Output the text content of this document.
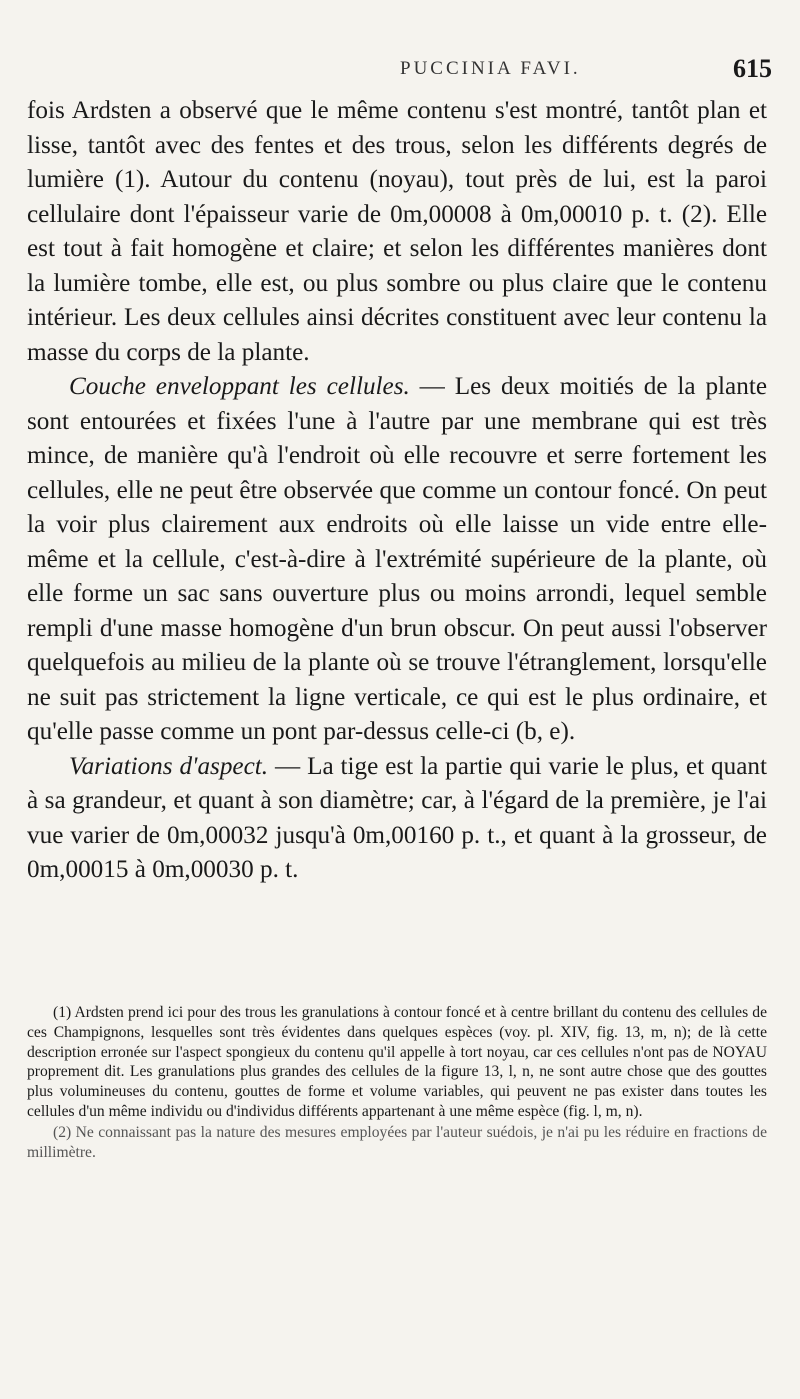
PUCCINIA FAVI.	615

fois Ardsten a observé que le même contenu s'est montré, tantôt plan et lisse, tantôt avec des fentes et des trous, selon les différents degrés de lumière (1). Autour du contenu (noyau), tout près de lui, est la paroi cellulaire dont l'épaisseur varie de 0m,00008 à 0m,00010 p. t. (2). Elle est tout à fait homogène et claire; et selon les différentes manières dont la lumière tombe, elle est, ou plus sombre ou plus claire que le contenu intérieur. Les deux cellules ainsi décrites constituent avec leur contenu la masse du corps de la plante.

Couche enveloppant les cellules. — Les deux moitiés de la plante sont entourées et fixées l'une à l'autre par une membrane qui est très mince, de manière qu'à l'endroit où elle recouvre et serre fortement les cellules, elle ne peut être observée que comme un contour foncé. On peut la voir plus clairement aux endroits où elle laisse un vide entre elle-même et la cellule, c'est-à-dire à l'extrémité supérieure de la plante, où elle forme un sac sans ouverture plus ou moins arrondi, lequel semble rempli d'une masse homogène d'un brun obscur. On peut aussi l'observer quelquefois au milieu de la plante où se trouve l'étranglement, lorsqu'elle ne suit pas strictement la ligne verticale, ce qui est le plus ordinaire, et qu'elle passe comme un pont par-dessus celle-ci (b, e).

Variations d'aspect. — La tige est la partie qui varie le plus, et quant à sa grandeur, et quant à son diamètre; car, à l'égard de la première, je l'ai vue varier de 0m,00032 jusqu'à 0m,00160 p. t., et quant à la grosseur, de 0m,00015 à 0m,00030 p. t.

(1) Ardsten prend ici pour des trous les granulations à contour foncé et à centre brillant du contenu des cellules de ces Champignons, lesquelles sont très évidentes dans quelques espèces (voy. pl. XIV, fig. 13, m, n); de là cette description erronée sur l'aspect spongieux du contenu qu'il appelle à tort noyau, car ces cellules n'ont pas de NOYAU proprement dit. Les granulations plus grandes des cellules de la figure 13, l, n, ne sont autre chose que des gouttes plus volumineuses du contenu, gouttes de forme et volume variables, qui peuvent ne pas exister dans toutes les cellules d'un même individu ou d'individus différents appartenant à une même espèce (fig. l, m, n).

(2) Ne connaissant pas la nature des mesures employées par l'auteur suédois, je n'ai pu les réduire en fractions de millimètre.
